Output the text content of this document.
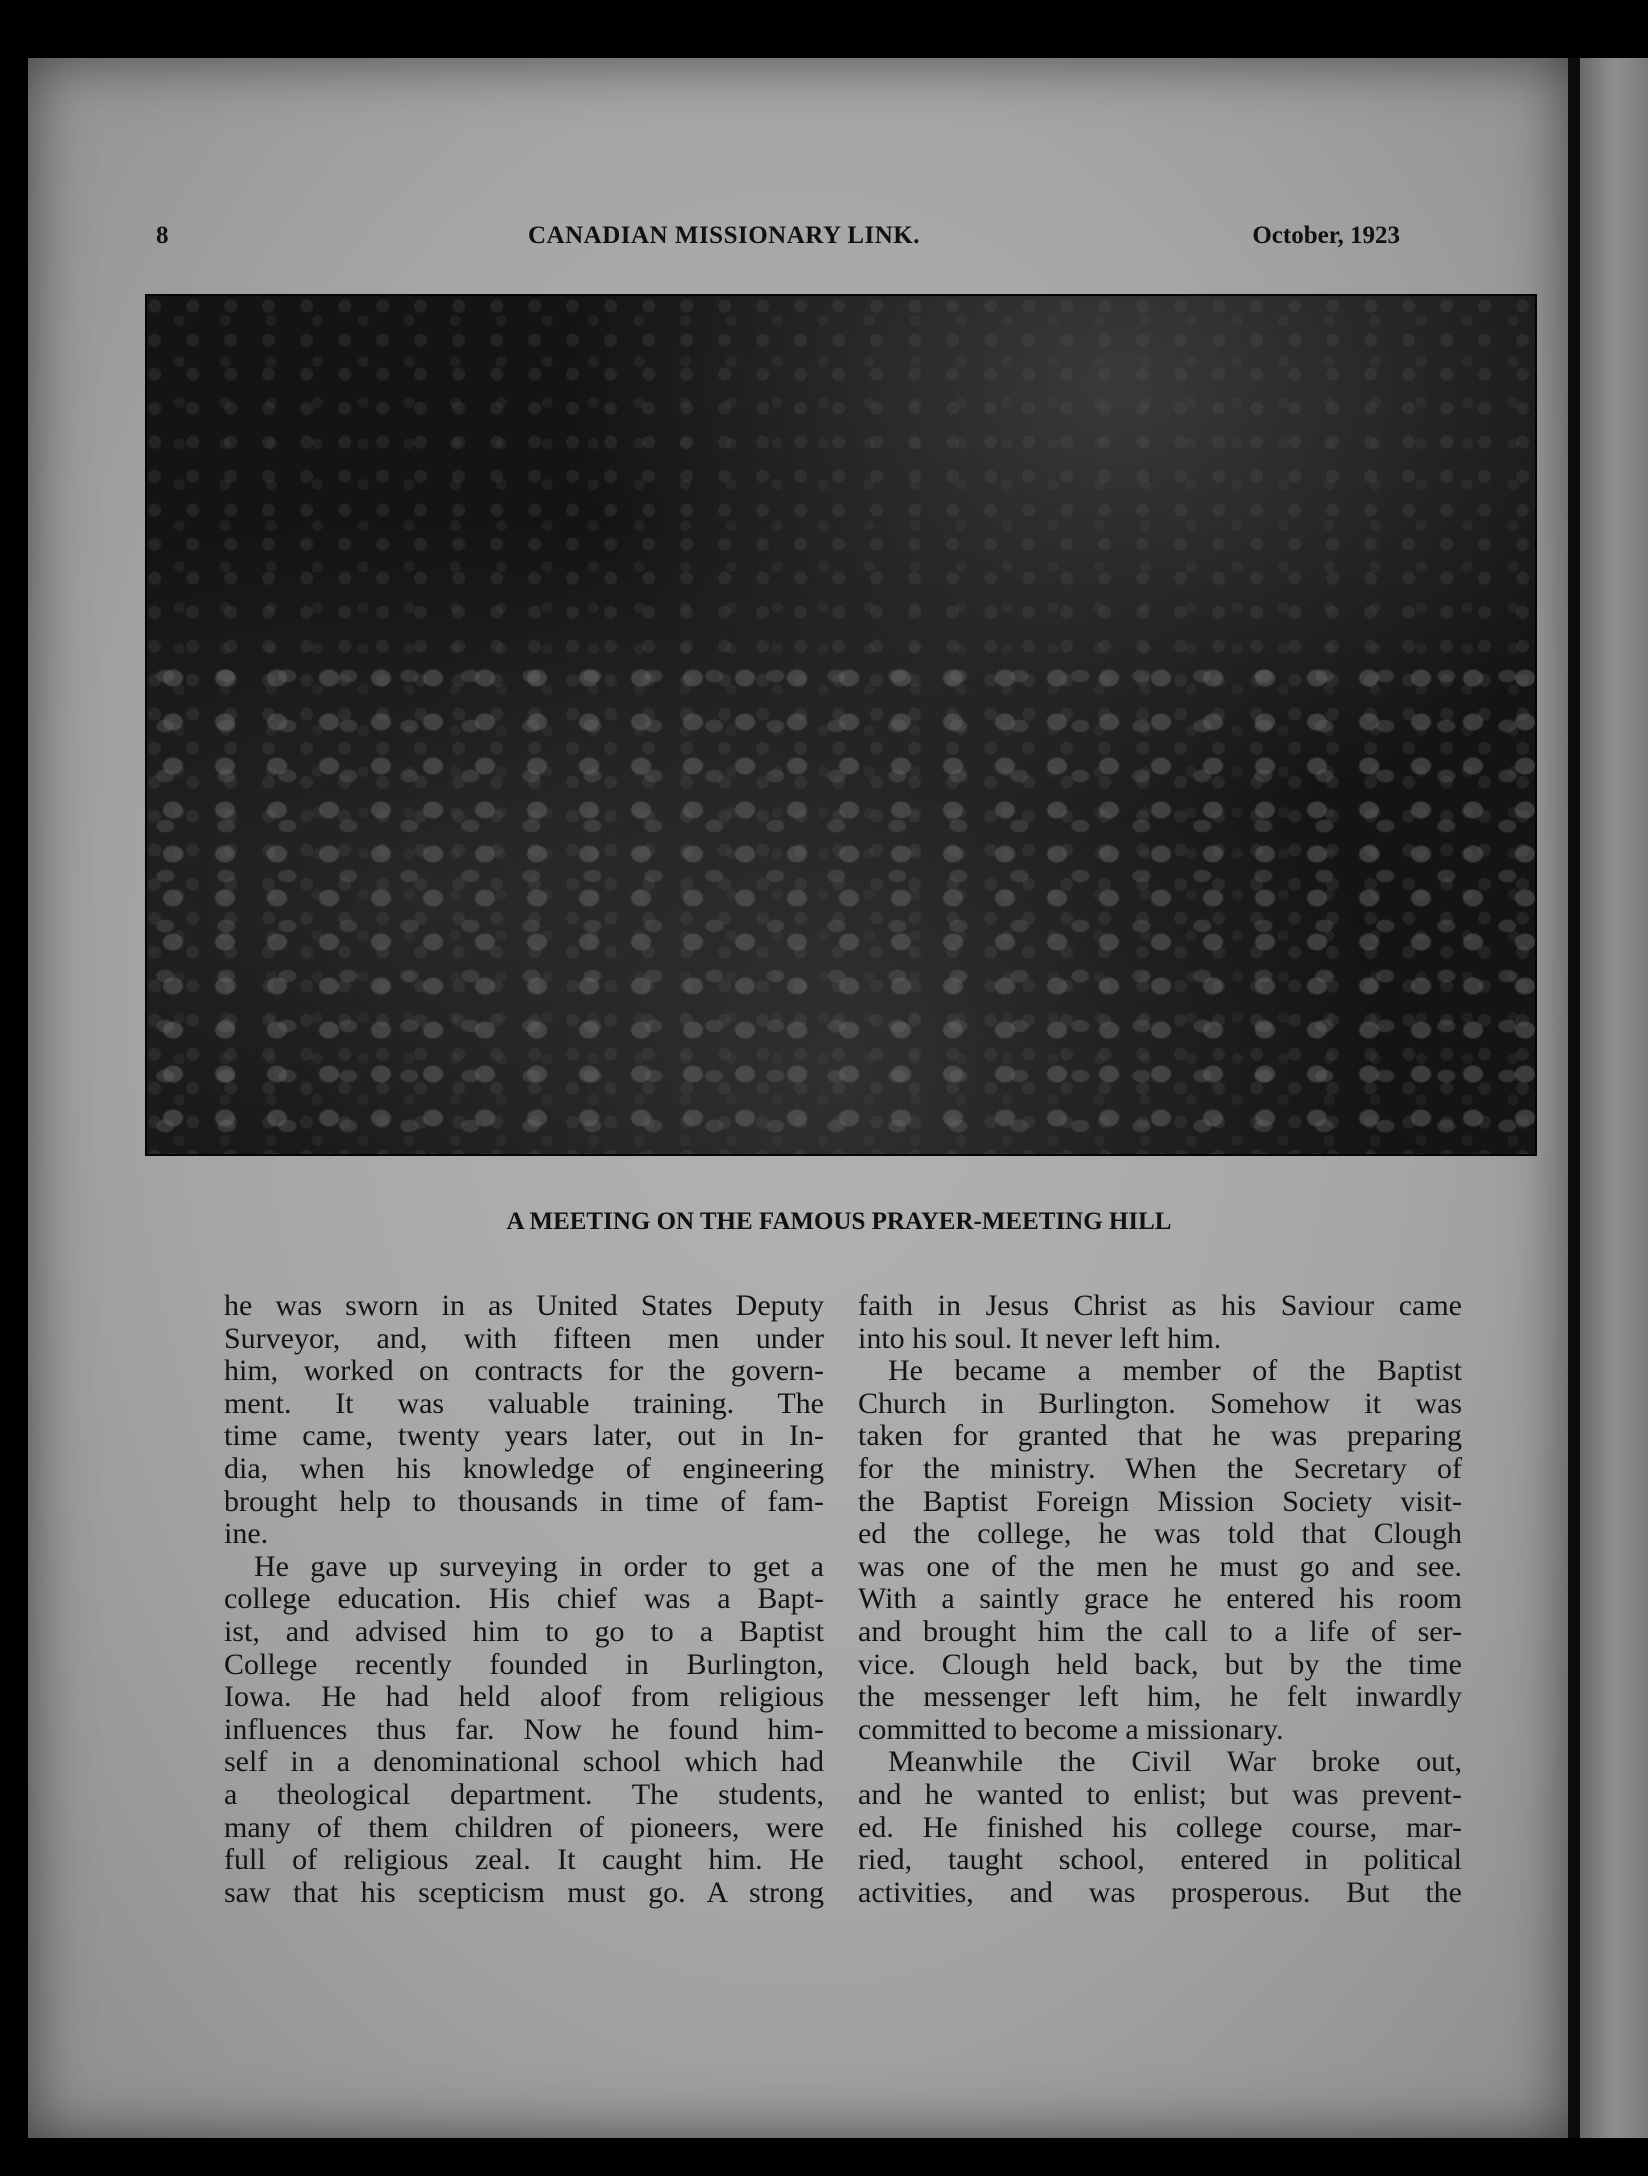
8	CANADIAN MISSIONARY LINK.	October, 1923
A MEETING ON THE FAMOUS PRAYER-MEETING HILL
he was sworn in as United States Deputy
Surveyor, and, with fifteen men under
him, worked on contracts for the govern-
ment. It was valuable training. The
time came, twenty years later, out in In-
dia, when his knowledge of engineering
brought help to thousands in time of fam-
ine.
He gave up surveying in order to get a
college education. His chief was a Bapt-
ist, and advised him to go to a Baptist
College recently founded in Burlington,
Iowa. He had held aloof from religious
influences thus far. Now he found him-
self in a denominational school which had
a theological department. The students,
many of them children of pioneers, were
full of religious zeal. It caught him. He
saw that his scepticism must go. A strong
faith in Jesus Christ as his Saviour came
into his soul. It never left him.
He became a member of the Baptist
Church in Burlington. Somehow it was
taken for granted that he was preparing
for the ministry. When the Secretary of
the Baptist Foreign Mission Society visit-
ed the college, he was told that Clough
was one of the men he must go and see.
With a saintly grace he entered his room
and brought him the call to a life of ser-
vice. Clough held back, but by the time
the messenger left him, he felt inwardly
committed to become a missionary.
Meanwhile the Civil War broke out,
and he wanted to enlist; but was prevent-
ed. He finished his college course, mar-
ried, taught school, entered in political
activities, and was prosperous. But the
